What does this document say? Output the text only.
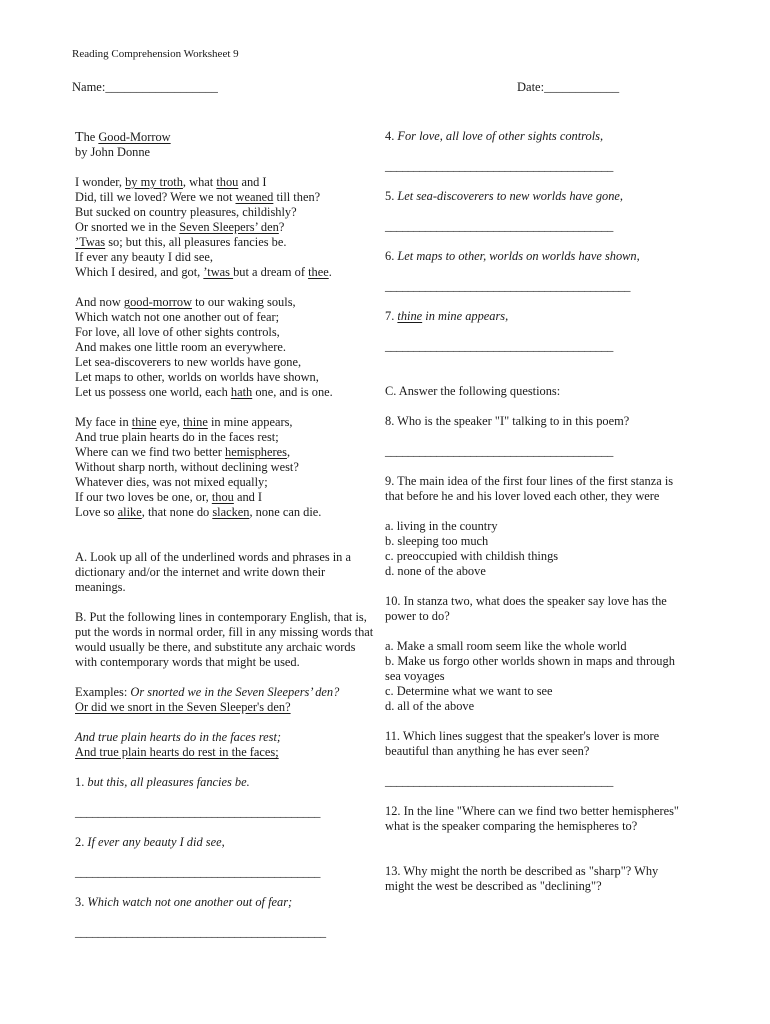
Reading Comprehension Worksheet 9
Name:__________________	Date:____________
The Good-Morrow
by John Donne
I wonder, by my troth, what thou and I
Did, till we loved? Were we not weaned till then?
But sucked on country pleasures, childishly?
Or snorted we in the Seven Sleepers’ den?
’Twas so; but this, all pleasures fancies be.
If ever any beauty I did see,
Which I desired, and got, ’twas but a dream of thee.
And now good-morrow to our waking souls,
Which watch not one another out of fear;
For love, all love of other sights controls,
And makes one little room an everywhere.
Let sea-discoverers to new worlds have gone,
Let maps to other, worlds on worlds have shown,
Let us possess one world, each hath one, and is one.
My face in thine eye, thine in mine appears,
And true plain hearts do in the faces rest;
Where can we find two better hemispheres,
Without sharp north, without declining west?
Whatever dies, was not mixed equally;
If our two loves be one, or, thou and I
Love so alike, that none do slacken, none can die.
A. Look up all of the underlined words and phrases in a
dictionary and/or the internet and write down their
meanings.
B. Put the following lines in contemporary English, that is,
put the words in normal order, fill in any missing words that
would usually be there, and substitute any archaic words
with contemporary words that might be used.
Examples: Or snorted we in the Seven Sleepers’ den?
Or did we snort in the Seven Sleeper's den?
And true plain hearts do in the faces rest;
And true plain hearts do rest in the faces;
1. but this, all pleasures fancies be.
___________________________________________
2. If ever any beauty I did see,
___________________________________________
3. Which watch not one another out of fear;
____________________________________________
4. For love, all love of other sights controls,
________________________________________
5. Let sea-discoverers to new worlds have gone,
________________________________________
6. Let maps to other, worlds on worlds have shown,
___________________________________________
7. thine in mine appears,
________________________________________
C. Answer the following questions:
8. Who is the speaker "I" talking to in this poem?
________________________________________
9. The main idea of the first four lines of the first stanza is
that before he and his lover loved each other, they were
a. living in the country
b. sleeping too much
c. preoccupied with childish things
d. none of the above
10. In stanza two, what does the speaker say love has the
power to do?
a. Make a small room seem like the whole world
b. Make us forgo other worlds shown in maps and through
sea voyages
c. Determine what we want to see
d. all of the above
11. Which lines suggest that the speaker's lover is more
beautiful than anything he has ever seen?
________________________________________
12. In the line "Where can we find two better hemispheres"
what is the speaker comparing the hemispheres to?
13. Why might the north be described as "sharp"? Why
might the west be described as "declining"?
